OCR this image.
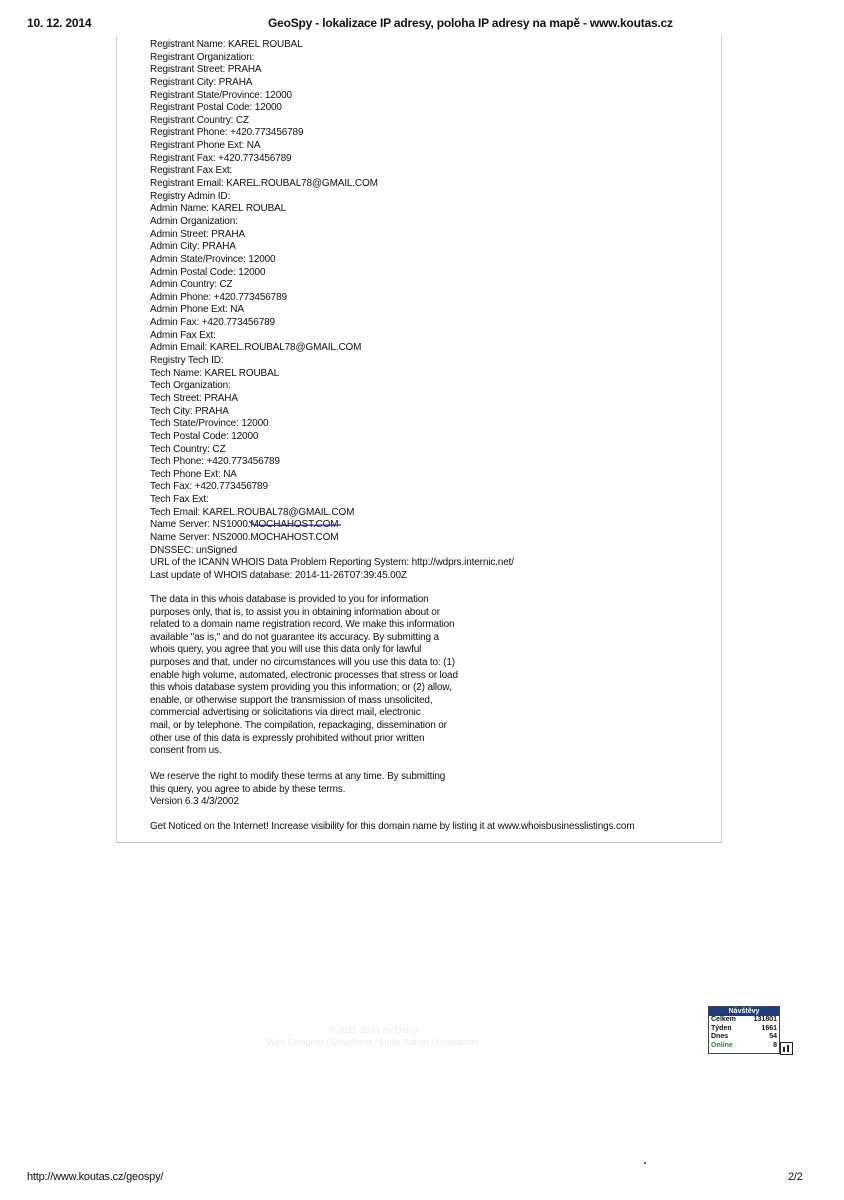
10. 12. 2014	GeoSpy - lokalizace IP adresy, poloha IP adresy na mapě - www.koutas.cz
Registrant Name: KAREL ROUBAL
Registrant Organization:
Registrant Street: PRAHA
Registrant City: PRAHA
Registrant State/Province: 12000
Registrant Postal Code: 12000
Registrant Country: CZ
Registrant Phone: +420.773456789
Registrant Phone Ext: NA
Registrant Fax: +420.773456789
Registrant Fax Ext:
Registrant Email: KAREL.ROUBAL78@GMAIL.COM
Registry Admin ID:
Admin Name: KAREL ROUBAL
Admin Organization:
Admin Street: PRAHA
Admin City: PRAHA
Admin State/Province: 12000
Admin Postal Code: 12000
Admin Country: CZ
Admin Phone: +420.773456789
Admin Phone Ext: NA
Admin Fax: +420.773456789
Admin Fax Ext:
Admin Email: KAREL.ROUBAL78@GMAIL.COM
Registry Tech ID:
Tech Name: KAREL ROUBAL
Tech Organization:
Tech Street: PRAHA
Tech City: PRAHA
Tech State/Province: 12000
Tech Postal Code: 12000
Tech Country: CZ
Tech Phone: +420.773456789
Tech Phone Ext: NA
Tech Fax: +420.773456789
Tech Fax Ext:
Tech Email: KAREL.ROUBAL78@GMAIL.COM
Name Server: NS1000.MOCHAHOST.COM
Name Server: NS2000.MOCHAHOST.COM
DNSSEC: unSigned
URL of the ICANN WHOIS Data Problem Reporting System: http://wdprs.internic.net/
Last update of WHOIS database: 2014-11-26T07:39:45.00Z
The data in this whois database is provided to you for information
purposes only, that is, to assist you in obtaining information about or
related to a domain name registration record. We make this information
available "as is," and do not guarantee its accuracy. By submitting a
whois query, you agree that you will use this data only for lawful
purposes and that, under no circumstances will you use this data to: (1)
enable high volume, automated, electronic processes that stress or load
this whois database system providing you this information; or (2) allow,
enable, or otherwise support the transmission of mass unsolicited,
commercial advertising or solicitations via direct mail, electronic
mail, or by telephone. The compilation, repackaging, dissemination or
other use of this data is expressly prohibited without prior written
consent from us.
We reserve the right to modify these terms at any time. By submitting
this query, you agree to abide by these terms.
Version 6.3 4/3/2002
Get Noticed on the Internet! Increase visibility for this domain name by listing it at www.whoisbusinesslistings.com
© 2011-2014 by DaKo
Web Designer / Developer / Linux Admin / Freelancer
Návštěvy
Celkem	131801
Týden	1661
Dnes	54
Online	8
http://www.koutas.cz/geospy/	2/2
